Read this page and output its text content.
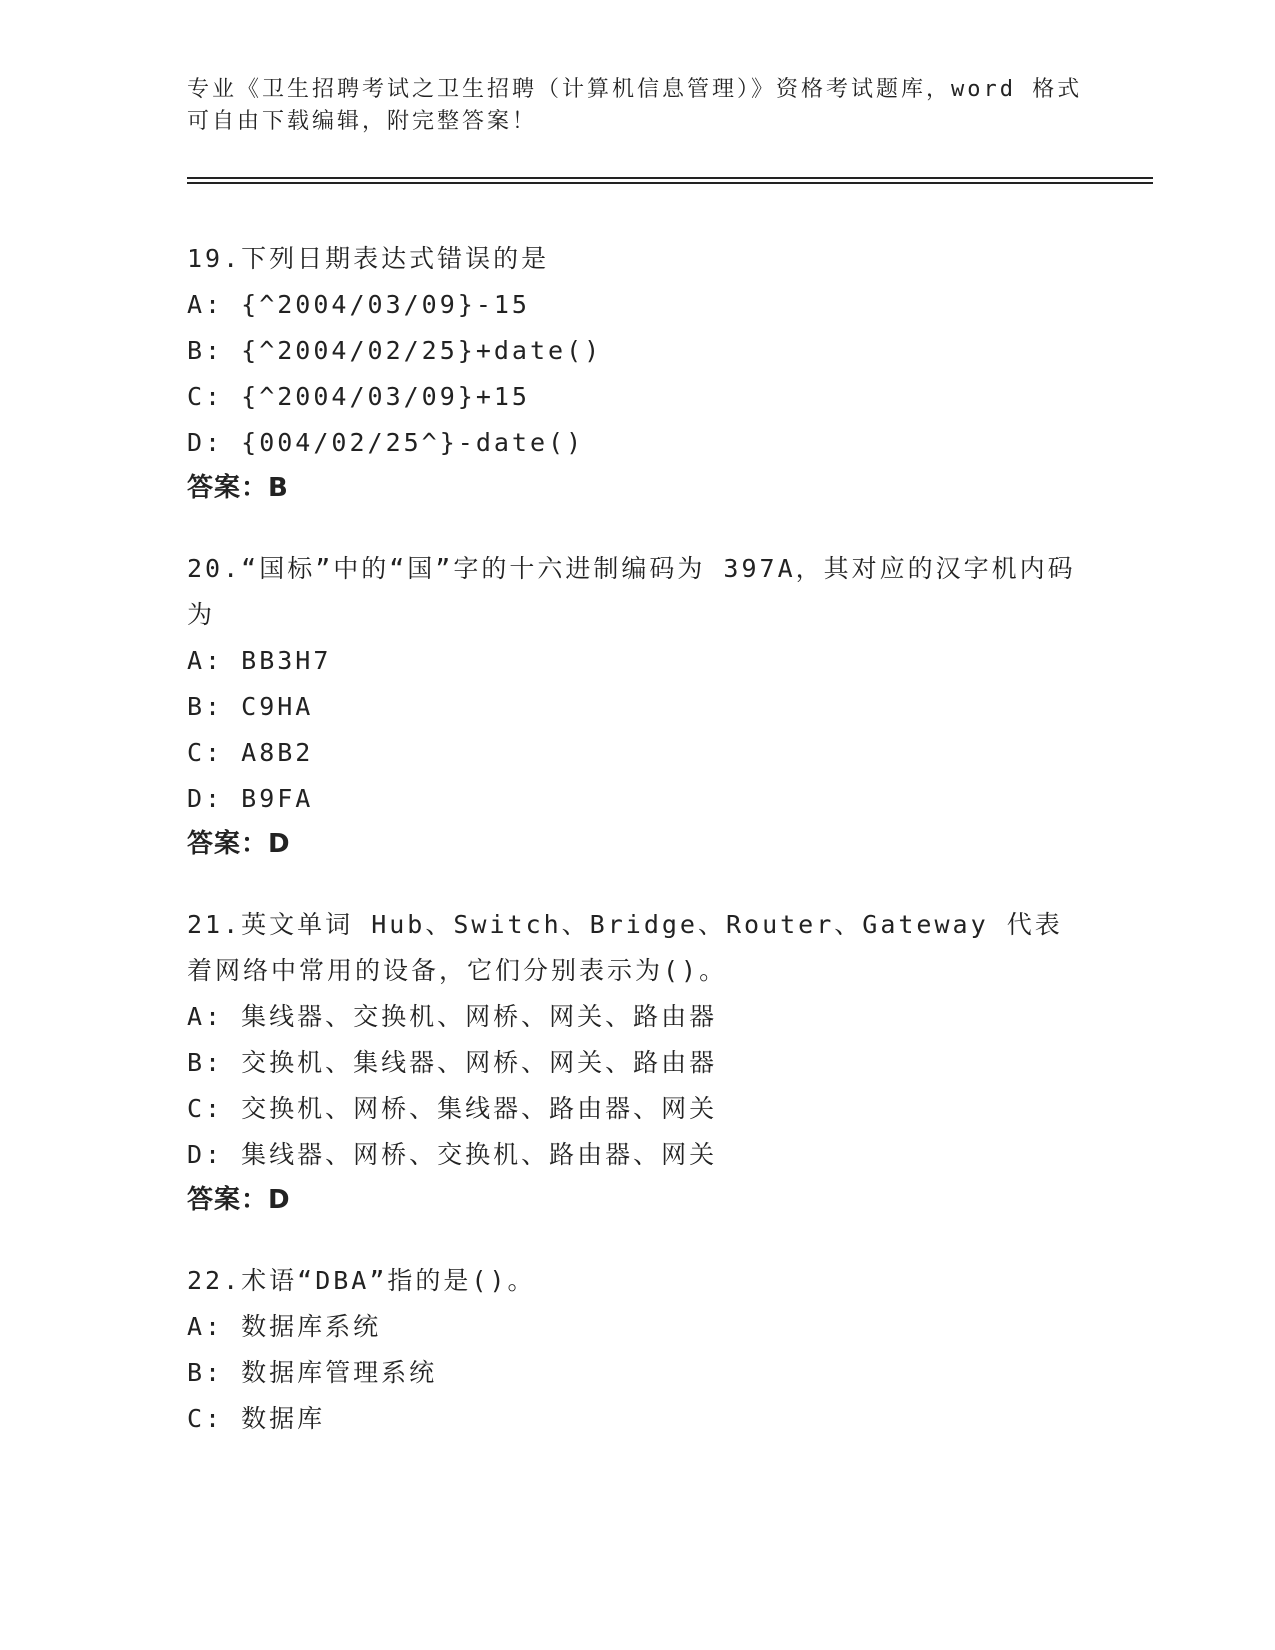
专业《卫生招聘考试之卫生招聘（计算机信息管理）》资格考试题库，word 格式
可自由下载编辑，附完整答案！
19.下列日期表达式错误的是
A: {^2004/03/09}-15
B: {^2004/02/25}+date()
C: {^2004/03/09}+15
D: {004/02/25^}-date()
答案：B
20.“国标”中的“国”字的十六进制编码为 397A，其对应的汉字机内码为
A: BB3H7
B: C9HA
C: A8B2
D: B9FA
答案：D
21.英文单词 Hub、Switch、Bridge、Router、Gateway 代表着网络中常用的设备，它们分别表示为()。
A: 集线器、交换机、网桥、网关、路由器
B: 交换机、集线器、网桥、网关、路由器
C: 交换机、网桥、集线器、路由器、网关
D: 集线器、网桥、交换机、路由器、网关
答案：D
22.术语“DBA”指的是()。
A: 数据库系统
B: 数据库管理系统
C: 数据库
